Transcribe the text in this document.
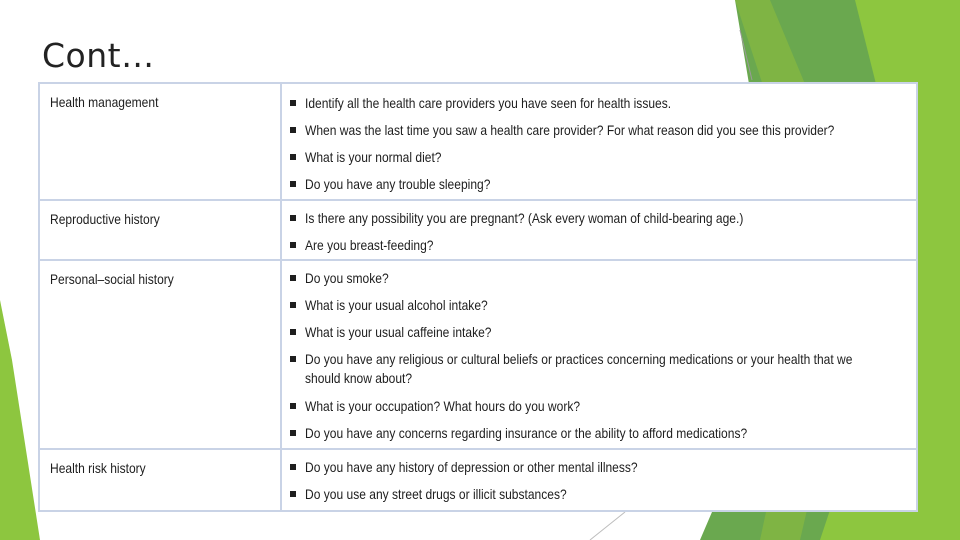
Cont…
Health management	Identify all the health care providers you have seen for health issues.
When was the last time you saw a health care provider? For what reason did you see this provider?
What is your normal diet?
Do you have any trouble sleeping?
Reproductive history	Is there any possibility you are pregnant? (Ask every woman of child-bearing age.)
Are you breast-feeding?
Personal–social history	Do you smoke?
What is your usual alcohol intake?
What is your usual caffeine intake?
Do you have any religious or cultural beliefs or practices concerning medications or your health that we should know about?
What is your occupation? What hours do you work?
Do you have any concerns regarding insurance or the ability to afford medications?
Health risk history	Do you have any history of depression or other mental illness?
Do you use any street drugs or illicit substances?
